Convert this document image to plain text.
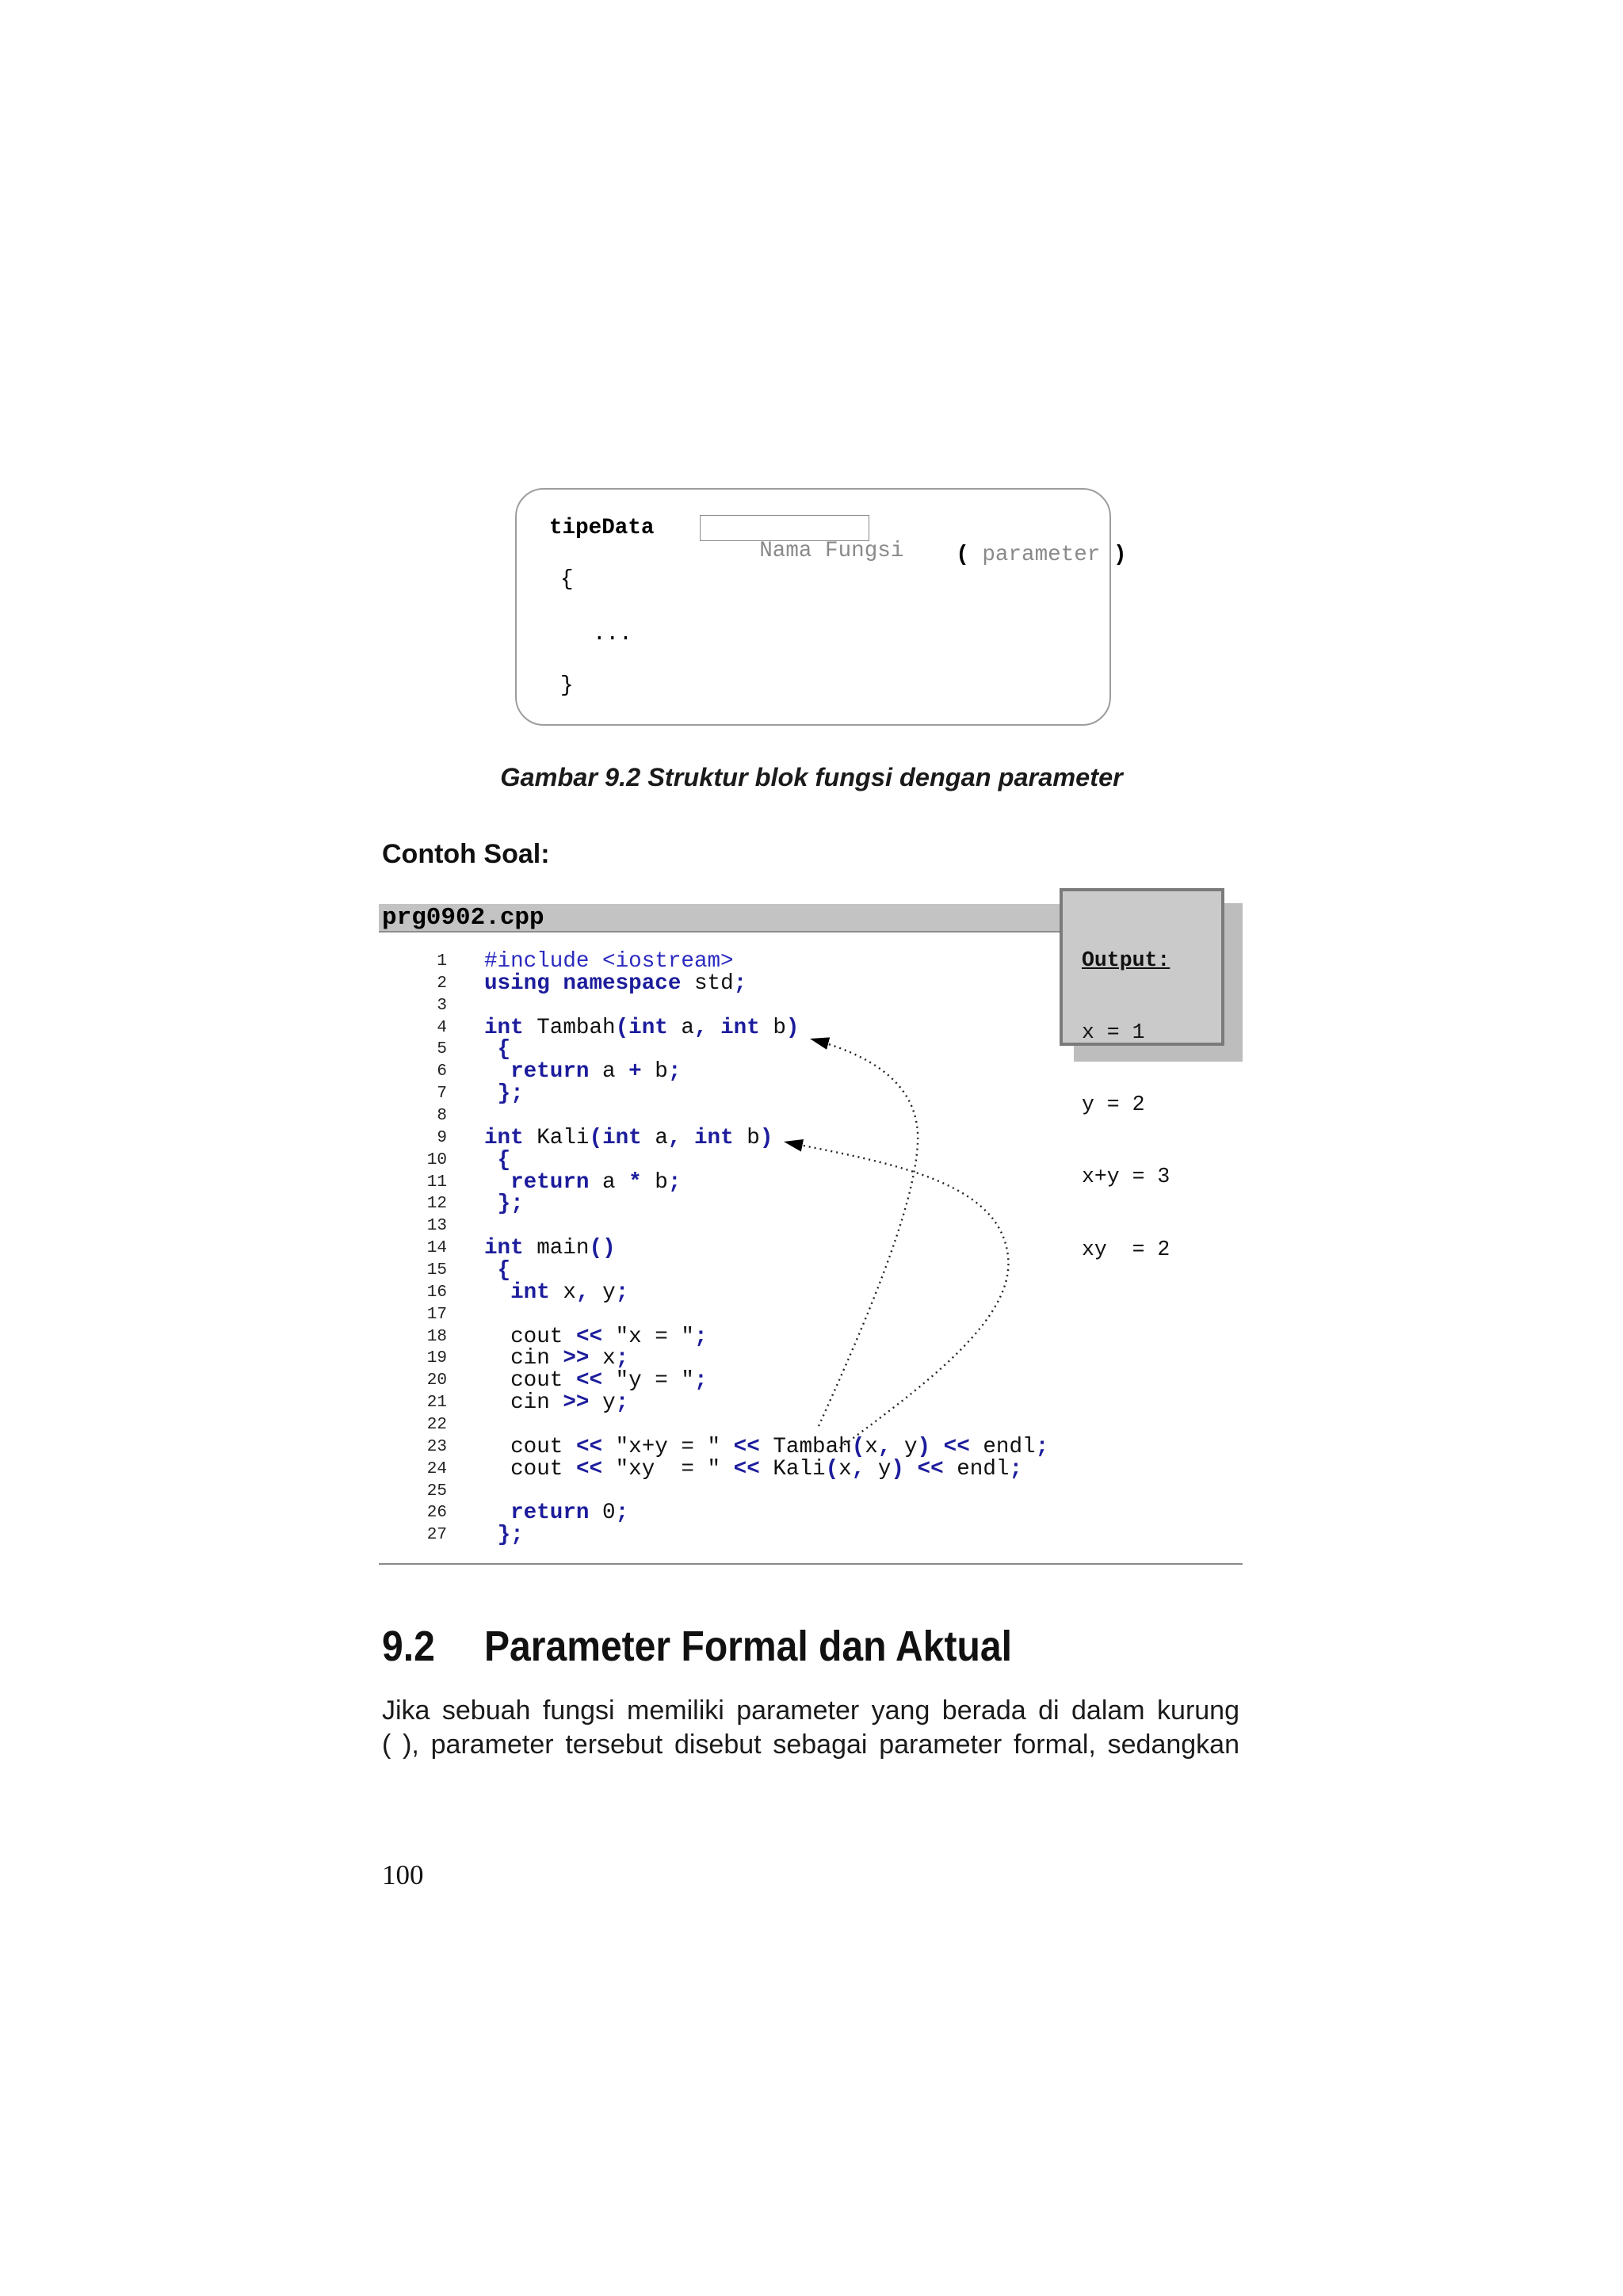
tipeData

Nama Fungsi
	( parameter )

{
...
}
Gambar 9.2 Struktur blok fungsi dengan parameter
Contoh Soal:
prg0902.cpp
1 #include <iostream>
2 using namespace std;
3
4 int Tambah(int a, int b)
5	{
6	return a + b;
7	};
8
9 int Kali(int a, int b)
10	{
11	return a * b;
12	};
13
14 int main()
15	{
16	int x, y;
17
18	cout << "x = ";
19	cin >> x;
20	cout << "y = ";
21	cin >> y;
22
23	cout << "x+y = " << Tambah(x, y) << endl;
24	cout << "xy  = " << Kali(x, y) << endl;
25
26	return 0;
27	};

Output:

x = 1

y = 2

x+y = 3

xy  = 2

9.2 Parameter Formal dan Aktual
Jika sebuah fungsi memiliki parameter yang berada di dalam kurung
( ), parameter tersebut disebut sebagai parameter formal, sedangkan
100
